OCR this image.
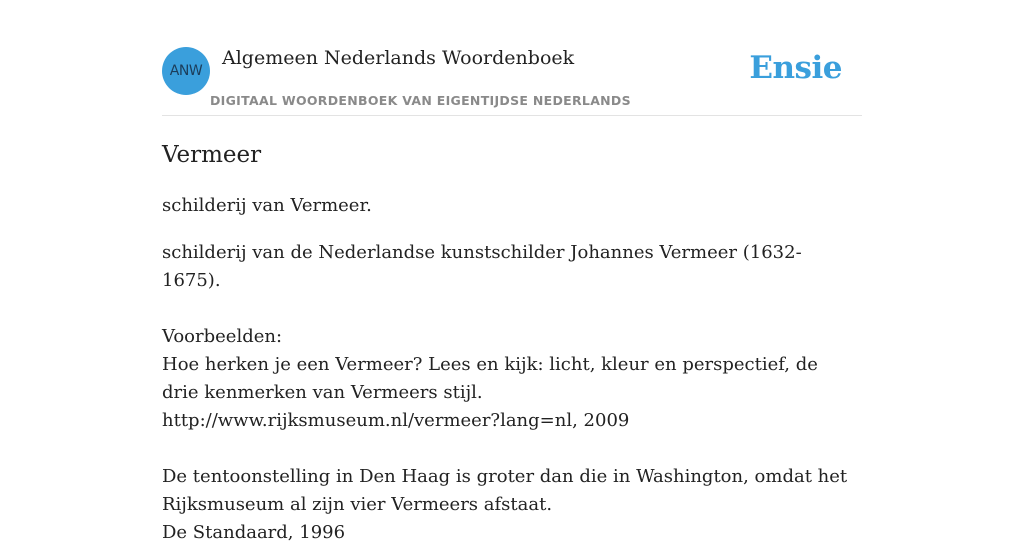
ANW
Algemeen Nederlands Woordenboek
DIGITAAL WOORDENBOEK VAN EIGENTIJDSE NEDERLANDS
Ensie
Vermeer

schilderij van Vermeer.

schilderij van de Nederlandse kunstschilder Johannes Vermeer (1632-1675).

Voorbeelden:

Hoe herken je een Vermeer? Lees en kijk: licht, kleur en perspectief, de drie kenmerken van Vermeers stijl.

http://www.rijksmuseum.nl/vermeer?lang=nl, 2009

De tentoonstelling in Den Haag is groter dan die in Washington, omdat het Rijksmuseum al zijn vier Vermeers afstaat.

De Standaard, 1996
